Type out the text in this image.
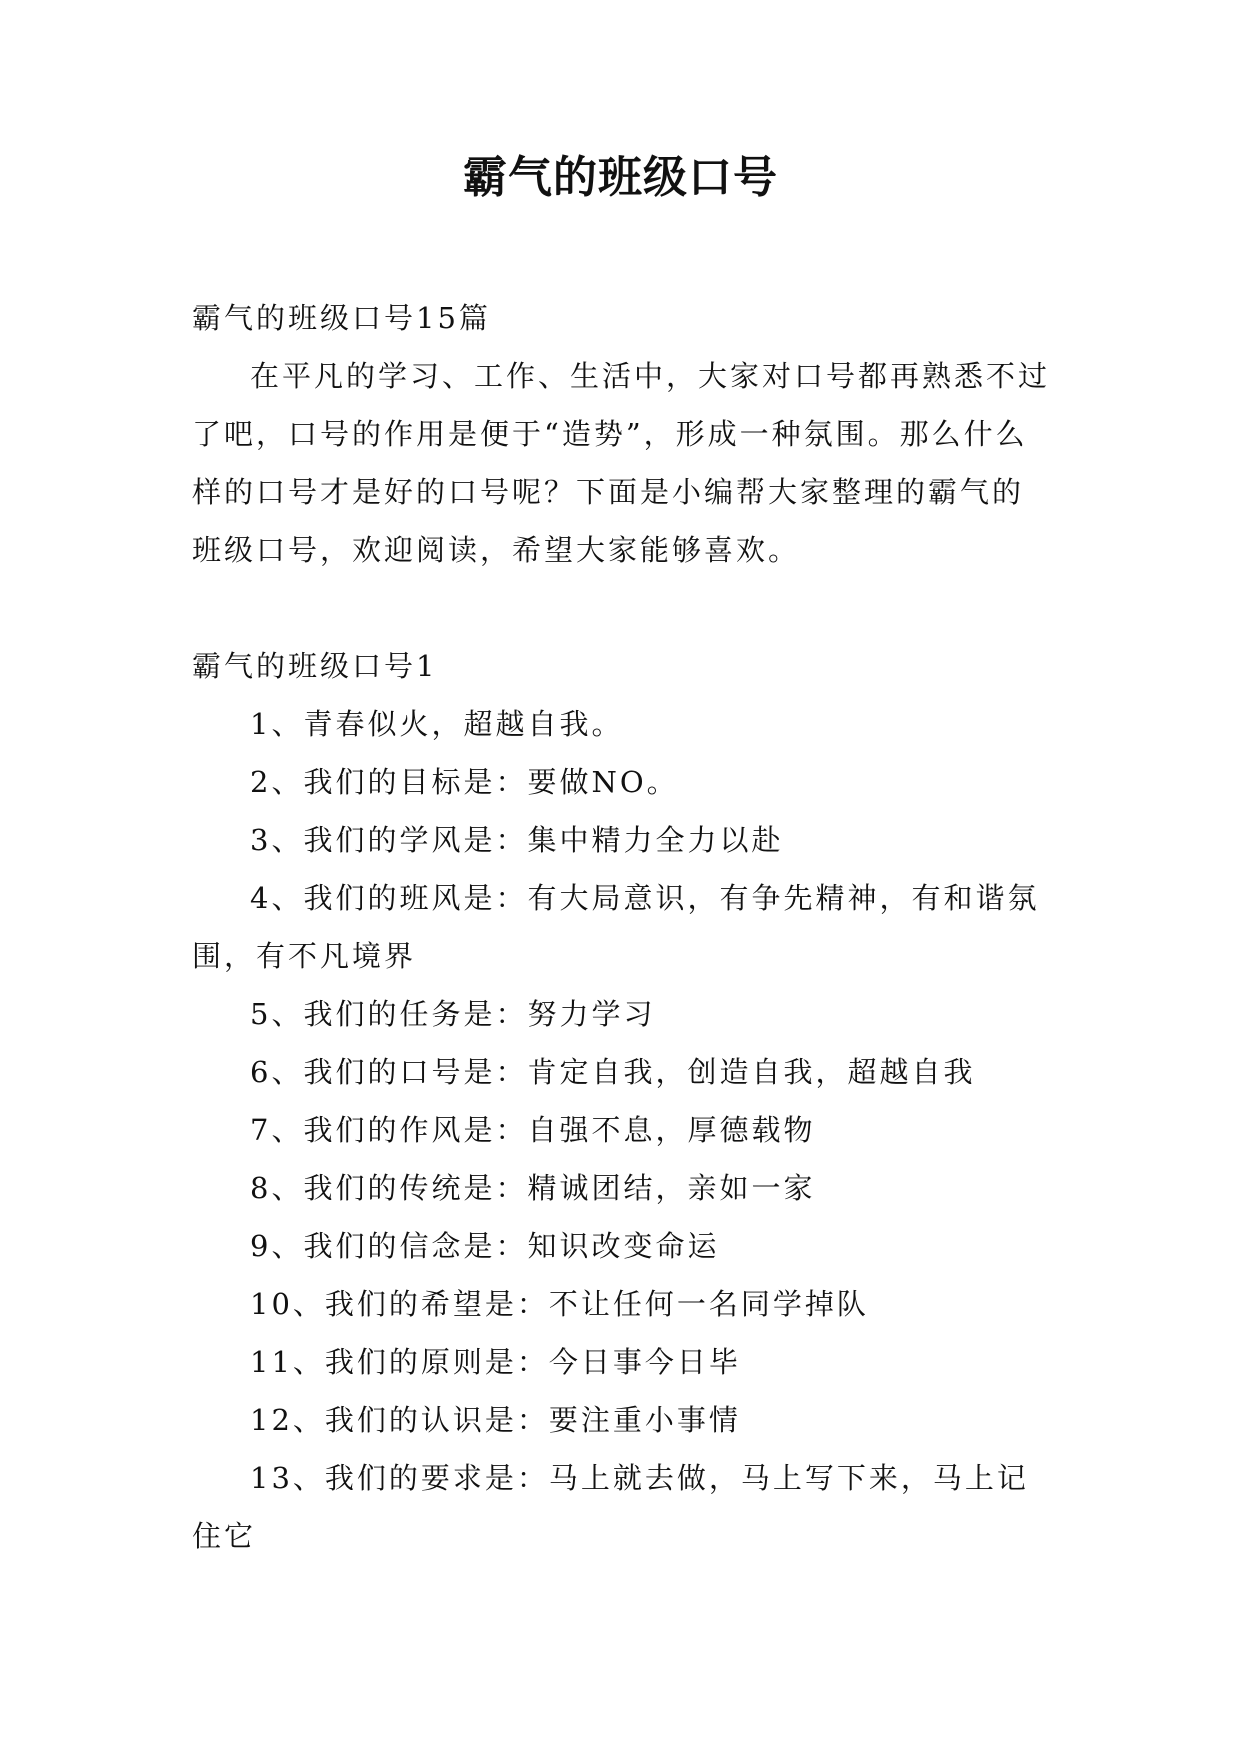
霸气的班级口号

霸气的班级口号15篇

在平凡的学习、工作、生活中，大家对口号都再熟悉不过了吧，口号的作用是便于“造势”，形成一种氛围。那么什么样的口号才是好的口号呢？下面是小编帮大家整理的霸气的班级口号，欢迎阅读，希望大家能够喜欢。

霸气的班级口号1

1、青春似火，超越自我。

2、我们的目标是：要做NO。

3、我们的学风是：集中精力全力以赴

4、我们的班风是：有大局意识，有争先精神，有和谐氛围，有不凡境界

5、我们的任务是：努力学习

6、我们的口号是：肯定自我，创造自我，超越自我

7、我们的作风是：自强不息，厚德载物

8、我们的传统是：精诚团结，亲如一家

9、我们的信念是：知识改变命运

10、我们的希望是：不让任何一名同学掉队

11、我们的原则是：今日事今日毕

12、我们的认识是：要注重小事情

13、我们的要求是：马上就去做，马上写下来，马上记住它
